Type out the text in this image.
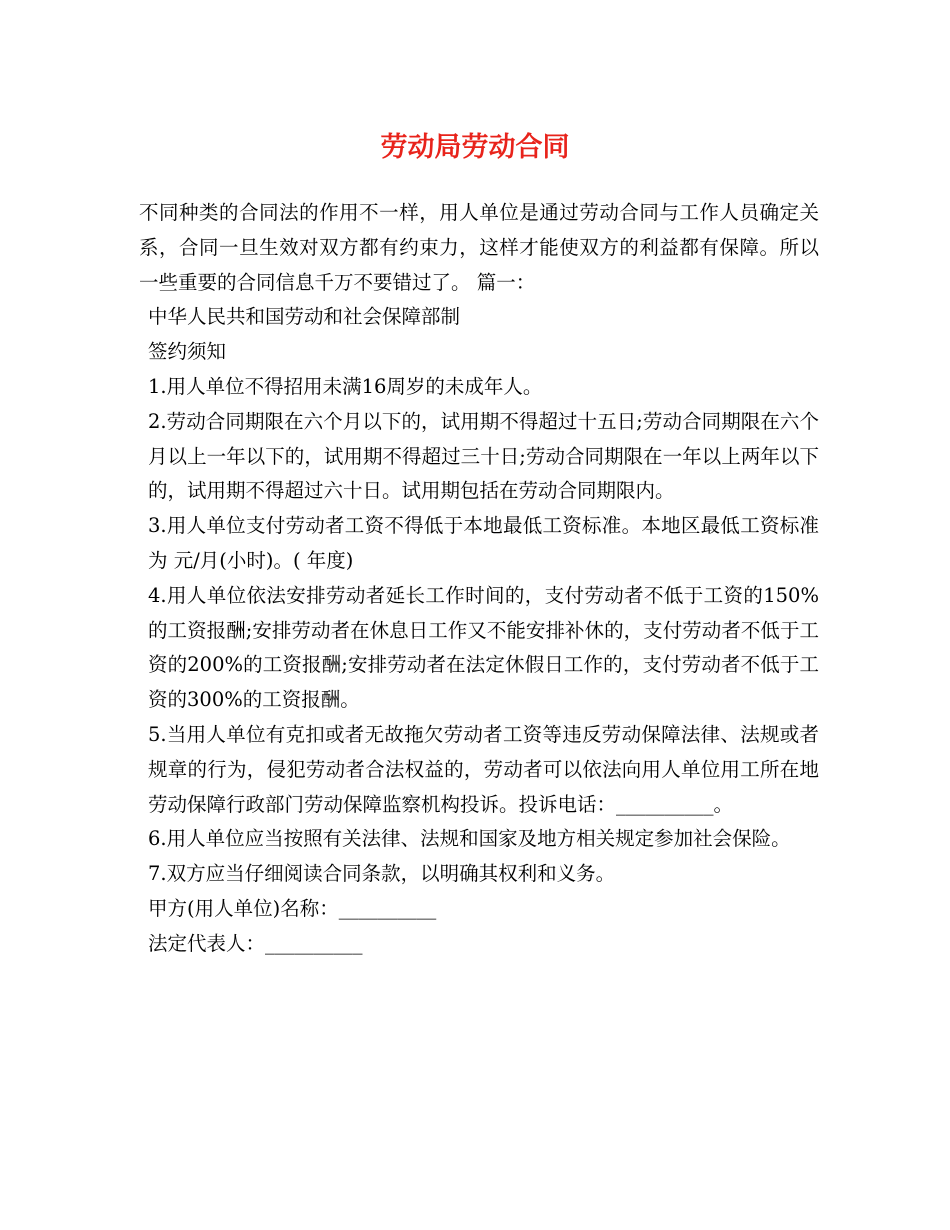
劳动局劳动合同

不同种类的合同法的作用不一样，用人单位是通过劳动合同与工作人员确定关系，合同一旦生效对双方都有约束力，这样才能使双方的利益都有保障。所以一些重要的合同信息千万不要错过了。 篇一：

中华人民共和国劳动和社会保障部制

签约须知

1.用人单位不得招用未满16周岁的未成年人。

2.劳动合同期限在六个月以下的，试用期不得超过十五日;劳动合同期限在六个月以上一年以下的，试用期不得超过三十日;劳动合同期限在一年以上两年以下的，试用期不得超过六十日。试用期包括在劳动合同期限内。

3.用人单位支付劳动者工资不得低于本地最低工资标准。本地区最低工资标准为 元/月(小时)。( 年度)

4.用人单位依法安排劳动者延长工作时间的，支付劳动者不低于工资的150%的工资报酬;安排劳动者在休息日工作又不能安排补休的，支付劳动者不低于工资的200%的工资报酬;安排劳动者在法定休假日工作的，支付劳动者不低于工资的300%的工资报酬。

5.当用人单位有克扣或者无故拖欠劳动者工资等违反劳动保障法律、法规或者规章的行为，侵犯劳动者合法权益的，劳动者可以依法向用人单位用工所在地劳动保障行政部门劳动保障监察机构投诉。投诉电话：__________。

6.用人单位应当按照有关法律、法规和国家及地方相关规定参加社会保险。

7.双方应当仔细阅读合同条款，以明确其权利和义务。

甲方(用人单位)名称：__________

法定代表人：__________
